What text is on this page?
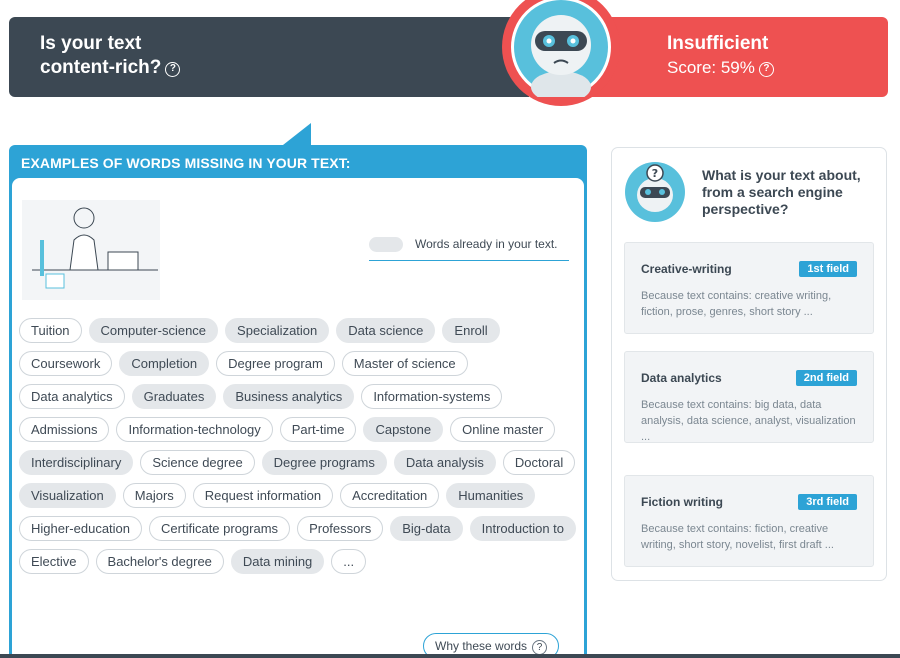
Is your text
content-rich? ?
Insufficient
Score: 59% ?
EXAMPLES OF WORDS MISSING IN YOUR TEXT:
Words already in your text.
Tuition	Computer-science	Specialization	Data science	Enroll
Coursework	Completion	Degree program	Master of science
Data analytics	Graduates	Business analytics	Information-systems
Admissions	Information-technology	Part-time	Capstone	Online master
Interdisciplinary	Science degree	Degree programs	Data analysis	Doctoral
Visualization	Majors	Request information	Accreditation	Humanities
Higher-education	Certificate programs	Professors	Big-data	Introduction to
Elective	Bachelor's degree	Data mining	...
Why these words ?
?	What is your text about, from a search engine perspective?
Creative-writing	1st field
Because text contains: creative writing, fiction, prose, genres, short story ...
Data analytics	2nd field
Because text contains: big data, data analysis, data science, analyst, visualization ...
Fiction writing	3rd field
Because text contains: fiction, creative writing, short story, novelist, first draft ...
